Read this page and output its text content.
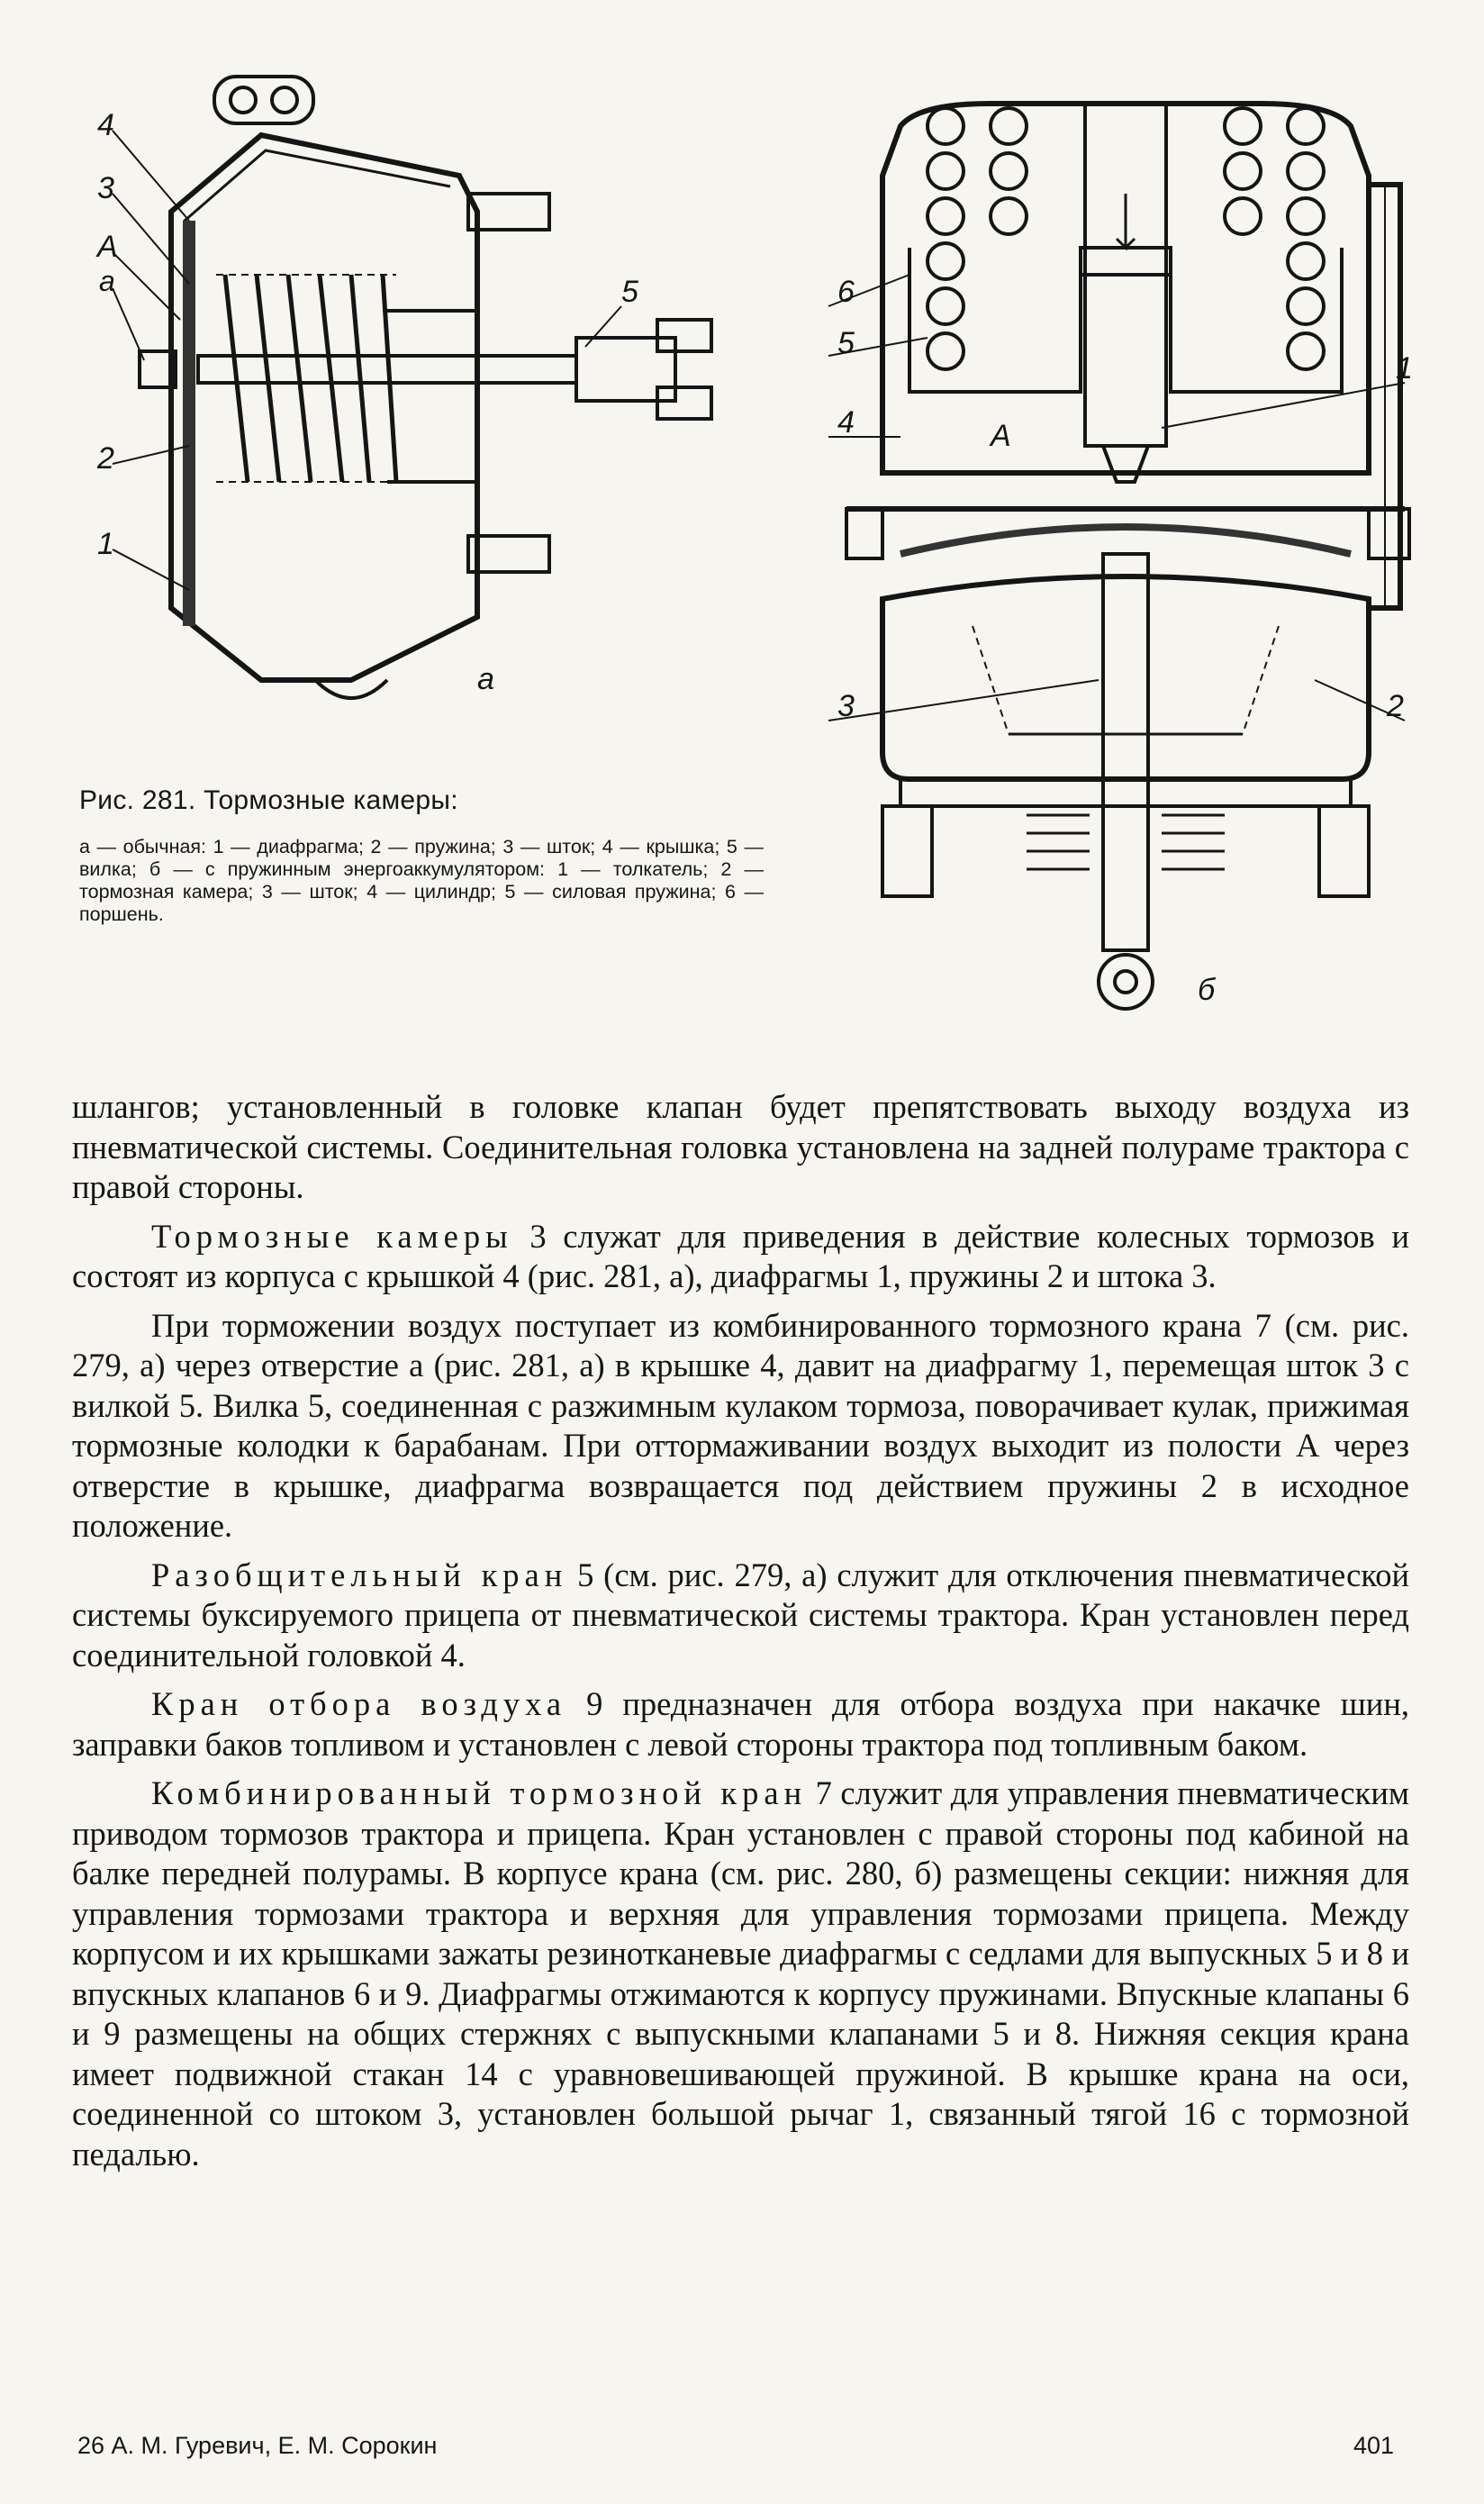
4
3
A
a
2
1
5
а
6
5
4
1
A
3	2
б

Рис. 281. Тормозные камеры:

а — обычная: 1 — диафрагма; 2 — пружина; 3 — шток; 4 — крышка; 5 — вилка; б — с пружинным энергоаккумулятором: 1 — толкатель; 2 — тормозная камера; 3 — шток; 4 — цилиндр; 5 — силовая пружина; 6 — поршень.

шлангов; установленный в головке клапан будет препятствовать выходу воздуха из пневматической системы. Соединительная головка установлена на задней полураме трактора с правой стороны.

Тормозные камеры 3 служат для приведения в действие колесных тормозов и состоят из корпуса с крышкой 4 (рис. 281, а), диафрагмы 1, пружины 2 и штока 3.

При торможении воздух поступает из комбинированного тормозного крана 7 (см. рис. 279, а) через отверстие а (рис. 281, а) в крышке 4, давит на диафрагму 1, перемещая шток 3 с вилкой 5. Вилка 5, соединенная с разжимным кулаком тормоза, поворачивает кулак, прижимая тормозные колодки к барабанам. При оттормаживании воздух выходит из полости А через отверстие в крышке, диафрагма возвращается под действием пружины 2 в исходное положение.

Разобщительный кран 5 (см. рис. 279, а) служит для отключения пневматической системы буксируемого прицепа от пневматической системы трактора. Кран установлен перед соединительной головкой 4.

Кран отбора воздуха 9 предназначен для отбора воздуха при накачке шин, заправки баков топливом и установлен с левой стороны трактора под топливным баком.

Комбинированный тормозной кран 7 служит для управления пневматическим приводом тормозов трактора и прицепа. Кран установлен с правой стороны под кабиной на балке передней полурамы. В корпусе крана (см. рис. 280, б) размещены секции: нижняя для управления тормозами трактора и верхняя для управления тормозами прицепа. Между корпусом и их крышками зажаты резинотканевые диафрагмы с седлами для выпускных 5 и 8 и впускных клапанов 6 и 9. Диафрагмы отжимаются к корпусу пружинами. Впускные клапаны 6 и 9 размещены на общих стержнях с выпускными клапанами 5 и 8. Нижняя секция крана имеет подвижной стакан 14 с уравновешивающей пружиной. В крышке крана на оси, соединенной со штоком 3, установлен большой рычаг 1, связанный тягой 16 с тормозной педалью.

26 А. М. Гуревич, Е. М. Сорокин	401
